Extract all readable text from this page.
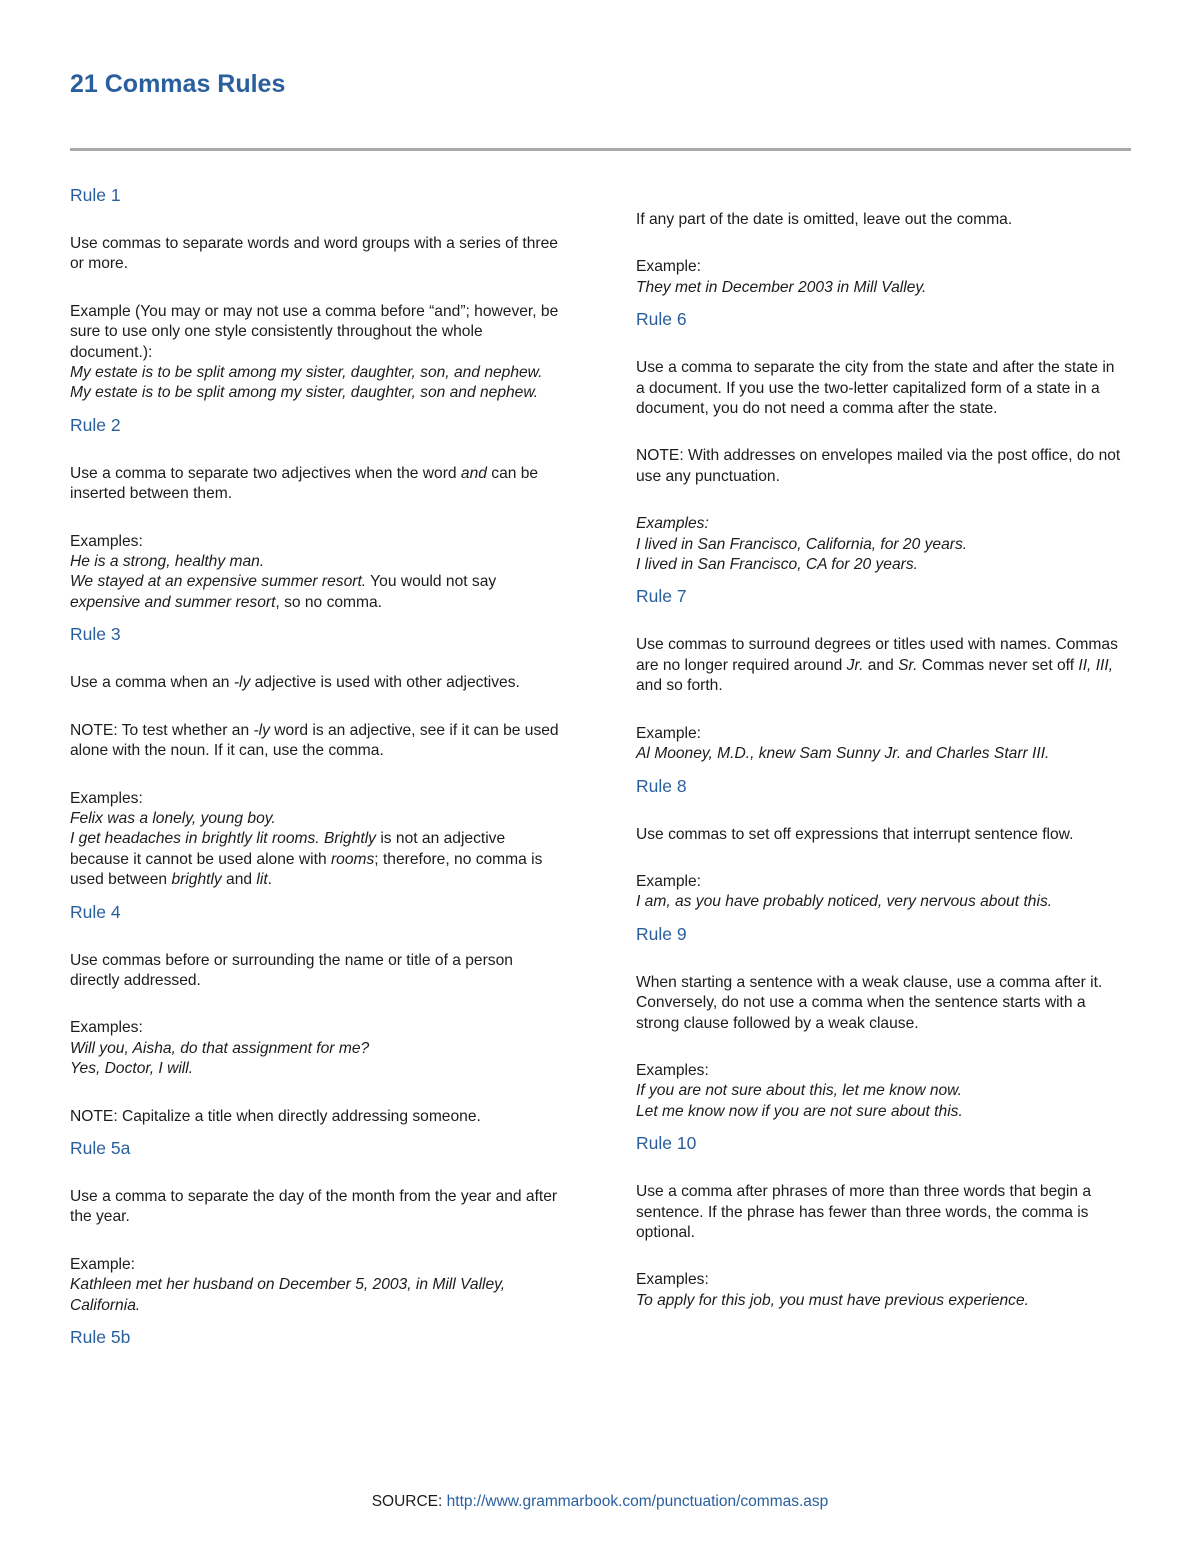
21 Commas Rules
Rule 1

Use commas to separate words and word groups with a series of three or more.

Example (You may or may not use a comma before “and”; however, be sure to use only one style consistently throughout the whole document.):
My estate is to be split among my sister, daughter, son, and nephew.
My estate is to be split among my sister, daughter, son and nephew.

Rule 2

Use a comma to separate two adjectives when the word and can be inserted between them.

Examples:
He is a strong, healthy man.
We stayed at an expensive summer resort. You would not say expensive and summer resort, so no comma.

Rule 3

Use a comma when an -ly adjective is used with other adjectives.

NOTE: To test whether an -ly word is an adjective, see if it can be used alone with the noun. If it can, use the comma.

Examples:
Felix was a lonely, young boy.
I get headaches in brightly lit rooms. Brightly is not an adjective because it cannot be used alone with rooms; therefore, no comma is used between brightly and lit.

Rule 4

Use commas before or surrounding the name or title of a person directly addressed.

Examples:
Will you, Aisha, do that assignment for me?
Yes, Doctor, I will.

NOTE: Capitalize a title when directly addressing someone.

Rule 5a

Use a comma to separate the day of the month from the year and after the year.

Example:
Kathleen met her husband on December 5, 2003, in Mill Valley, California.

Rule 5b

If any part of the date is omitted, leave out the comma.

Example:
They met in December 2003 in Mill Valley.

Rule 6

Use a comma to separate the city from the state and after the state in a document. If you use the two-letter capitalized form of a state in a document, you do not need a comma after the state.

NOTE: With addresses on envelopes mailed via the post office, do not use any punctuation.

Examples:
I lived in San Francisco, California, for 20 years.
I lived in San Francisco, CA for 20 years.

Rule 7

Use commas to surround degrees or titles used with names. Commas are no longer required around Jr. and Sr. Commas never set off II, III, and so forth.

Example:
Al Mooney, M.D., knew Sam Sunny Jr. and Charles Starr III.

Rule 8

Use commas to set off expressions that interrupt sentence flow.

Example:
I am, as you have probably noticed, very nervous about this.

Rule 9

When starting a sentence with a weak clause, use a comma after it. Conversely, do not use a comma when the sentence starts with a strong clause followed by a weak clause.

Examples:
If you are not sure about this, let me know now.
Let me know now if you are not sure about this.

Rule 10

Use a comma after phrases of more than three words that begin a sentence. If the phrase has fewer than three words, the comma is optional.

Examples:
To apply for this job, you must have previous experience.

SOURCE: http://www.grammarbook.com/punctuation/commas.asp
